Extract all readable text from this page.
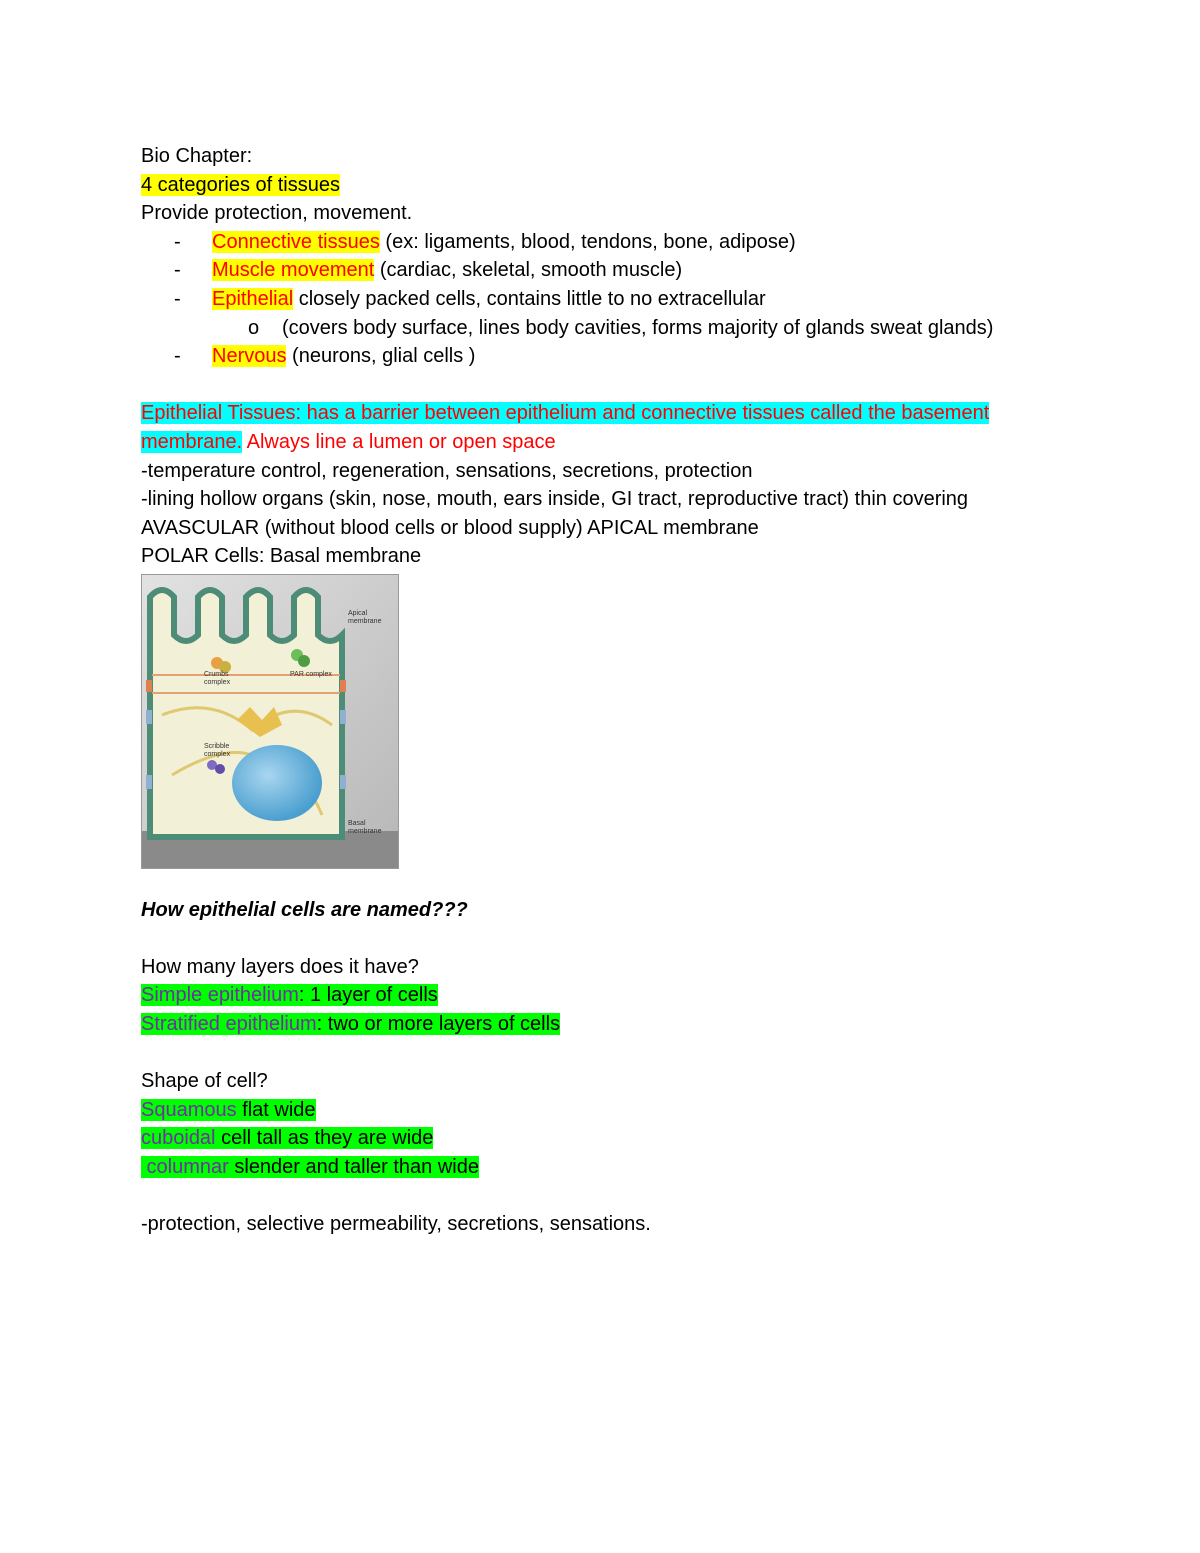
Bio Chapter:
4 categories of tissues
Provide protection, movement.
- Connective tissues (ex: ligaments, blood, tendons, bone, adipose)
- Muscle movement (cardiac, skeletal, smooth muscle)
- Epithelial closely packed cells, contains little to no extracellular
o (covers body surface, lines body cavities, forms majority of glands sweat glands)
- Nervous (neurons, glial cells )
Epithelial Tissues: has a barrier between epithelium and connective tissues called the basement
membrane. Always line a lumen or open space
-temperature control, regeneration, sensations, secretions, protection
-lining hollow organs (skin, nose, mouth, ears inside, GI tract, reproductive tract) thin covering
AVASCULAR (without blood cells or blood supply) APICAL membrane
POLAR Cells: Basal membrane
Apical
membrane
Crumbs
complex
PAR complex
Scribble
complex
Basal
membrane
How epithelial cells are named???
How many layers does it have?
Simple epithelium: 1 layer of cells
Stratified epithelium: two or more layers of cells
Shape of cell?
Squamous flat wide
cuboidal cell tall as they are wide
columnar slender and taller than wide
-protection, selective permeability, secretions, sensations.
